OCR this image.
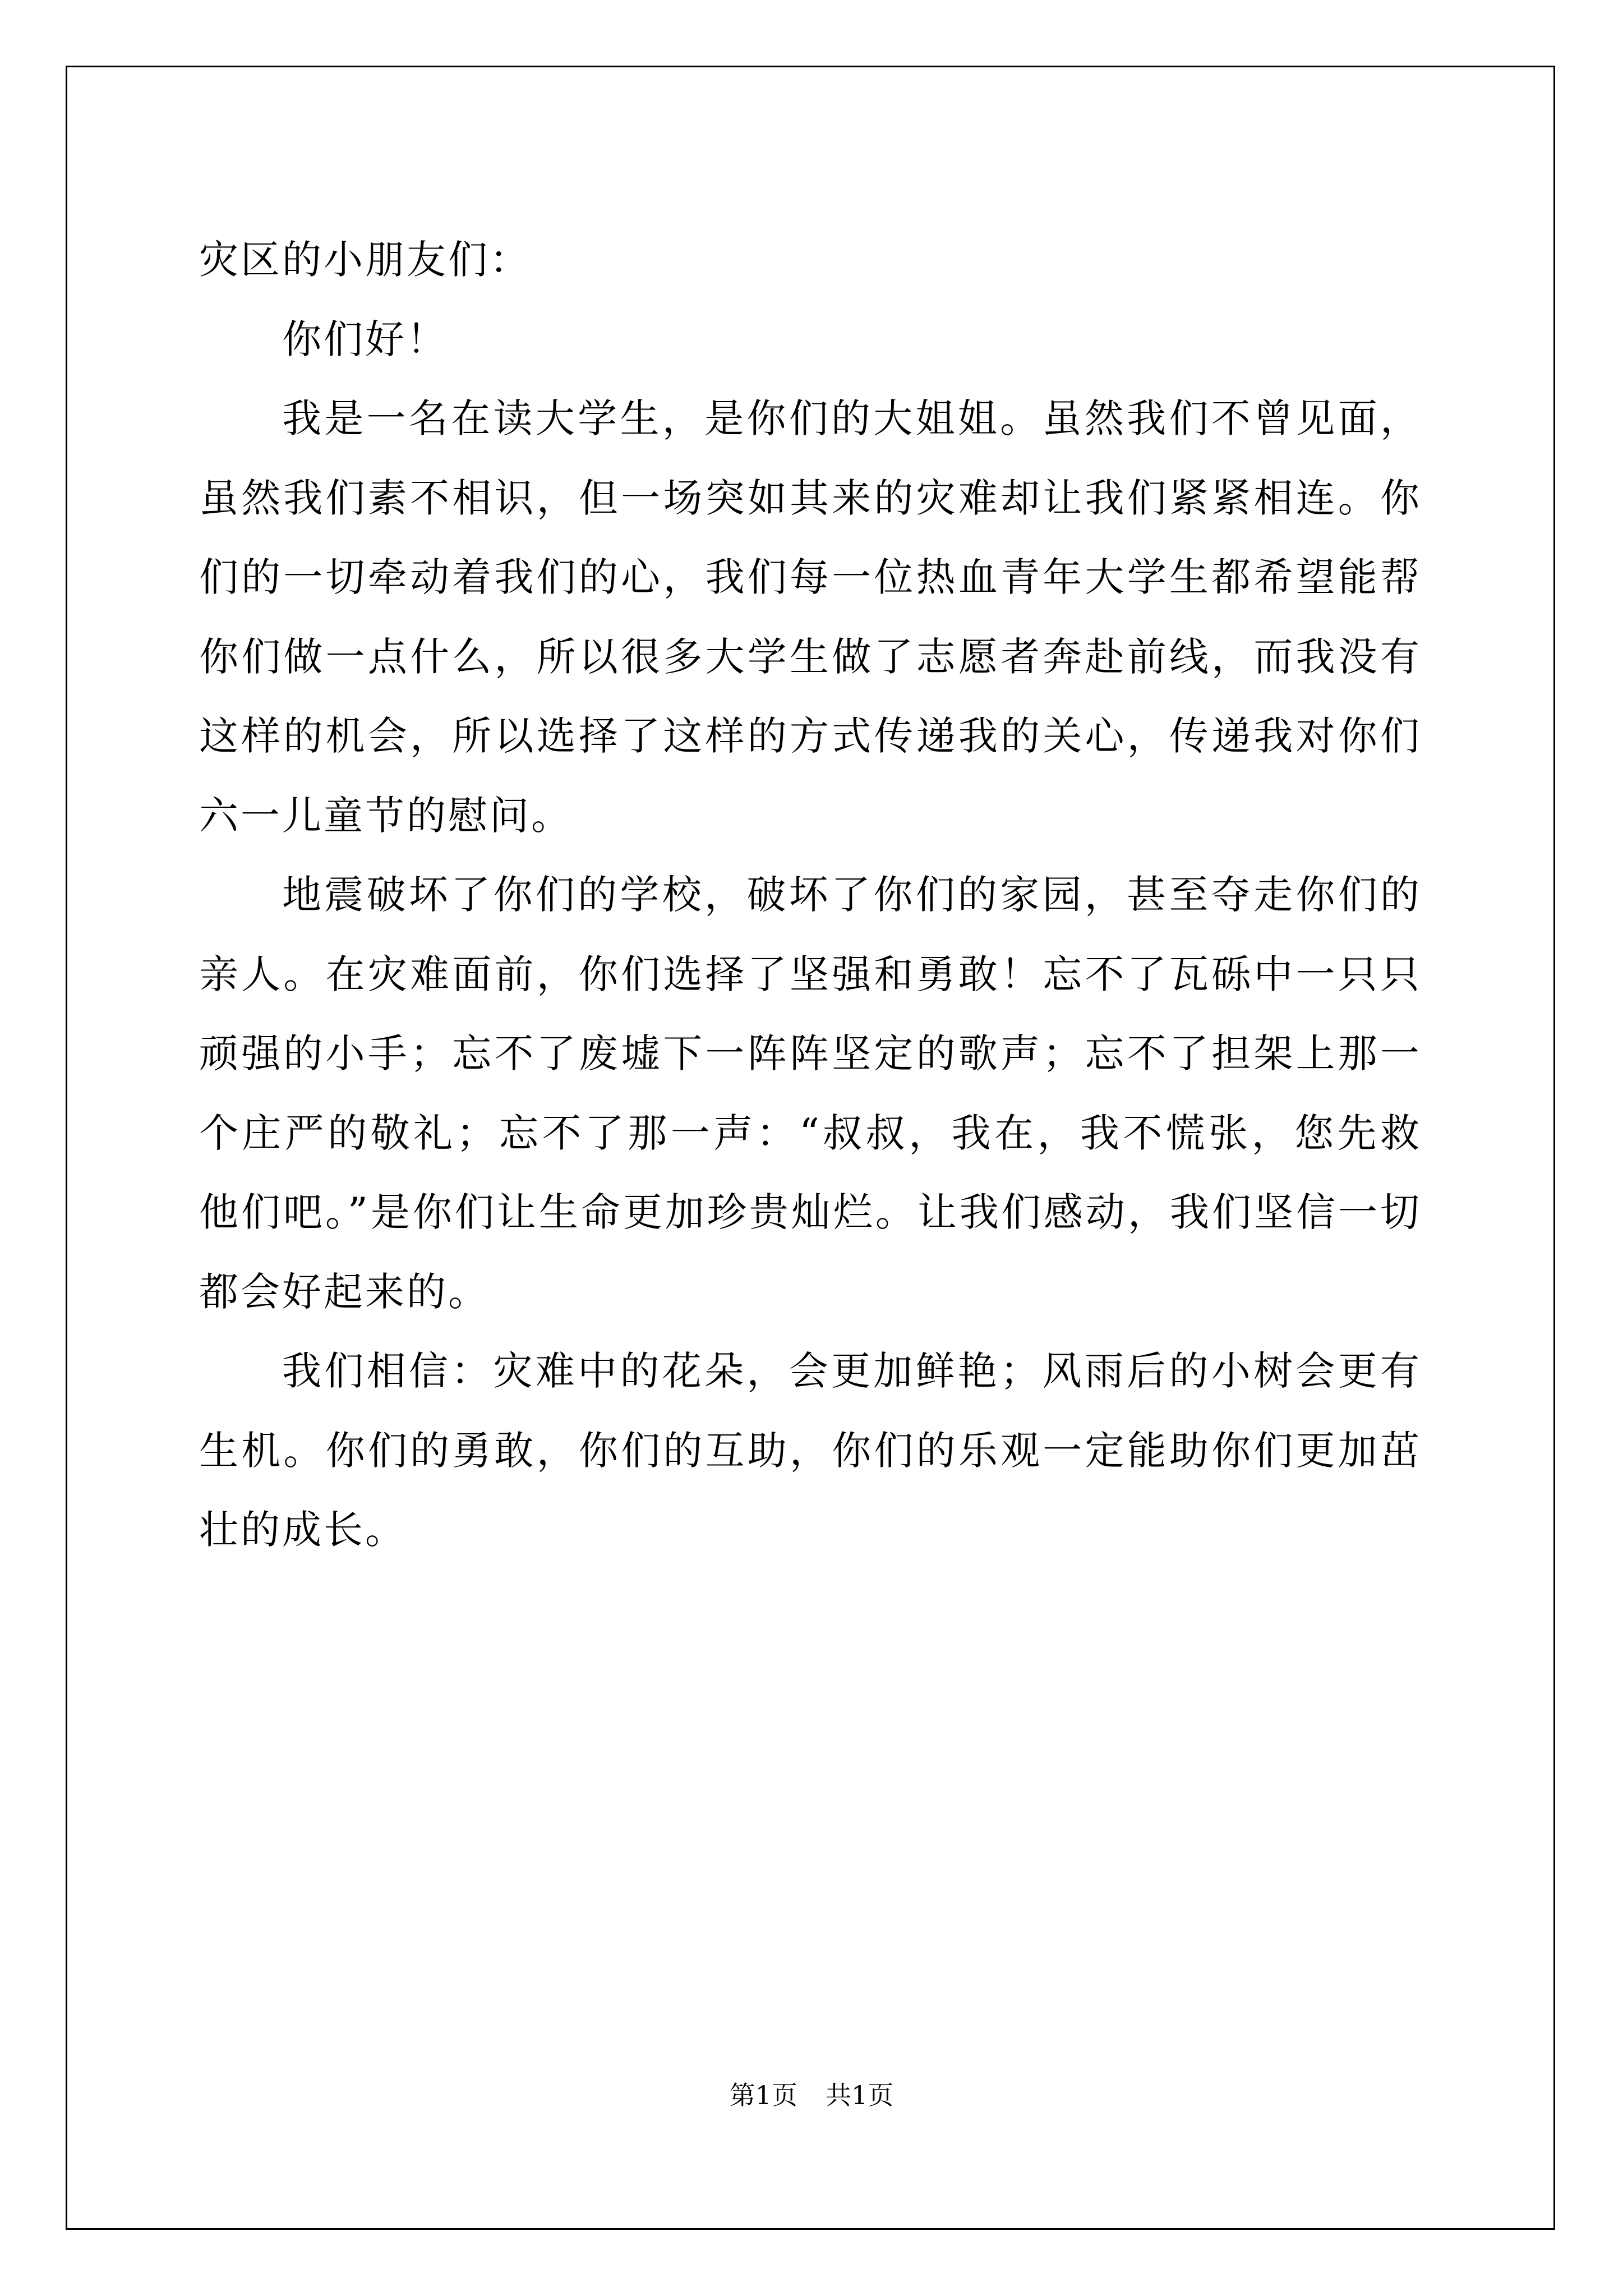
灾区的小朋友们：

你们好！

我是一名在读大学生，是你们的大姐姐。虽然我们不曾见面，虽然我们素不相识，但一场突如其来的灾难却让我们紧紧相连。你们的一切牵动着我们的心，我们每一位热血青年大学生都希望能帮你们做一点什么，所以很多大学生做了志愿者奔赴前线，而我没有这样的机会，所以选择了这样的方式传递我的关心，传递我对你们六一儿童节的慰问。

地震破坏了你们的学校，破坏了你们的家园，甚至夺走你们的亲人。在灾难面前，你们选择了坚强和勇敢！忘不了瓦砾中一只只顽强的小手；忘不了废墟下一阵阵坚定的歌声；忘不了担架上那一个庄严的敬礼；忘不了那一声：“叔叔，我在，我不慌张，您先救他们吧。”是你们让生命更加珍贵灿烂。让我们感动，我们坚信一切都会好起来的。

我们相信：灾难中的花朵，会更加鲜艳；风雨后的小树会更有生机。你们的勇敢，你们的互助，你们的乐观一定能助你们更加茁壮的成长。

第1页 共1页
